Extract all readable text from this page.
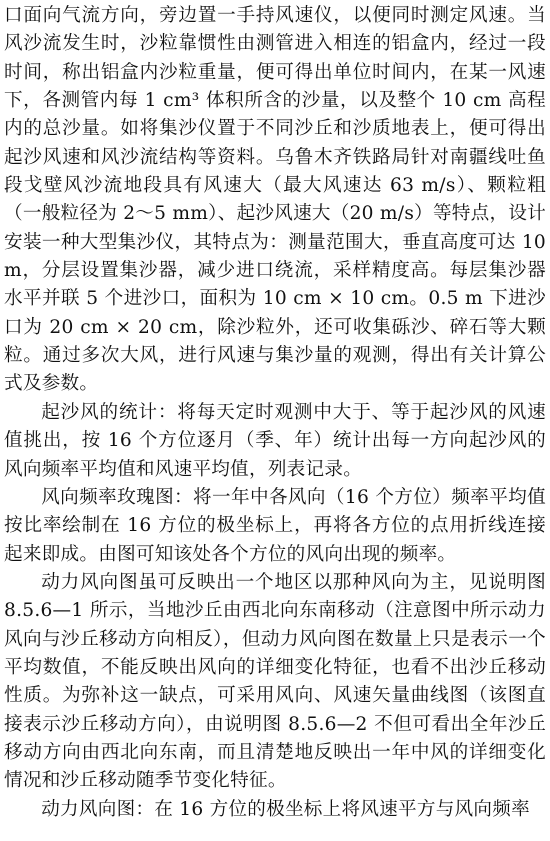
口面向气流方向，旁边置一手持风速仪，以便同时测定风速。当风沙流发生时，沙粒靠惯性由测管进入相连的铝盒内，经过一段时间，称出铝盒内沙粒重量，便可得出单位时间内，在某一风速下，各测管内每 1 cm³ 体积所含的沙量，以及整个 10 cm 高程内的总沙量。如将集沙仪置于不同沙丘和沙质地表上，便可得出起沙风速和风沙流结构等资料。乌鲁木齐铁路局针对南疆线吐鱼段戈壁风沙流地段具有风速大（最大风速达 63 m/s）、颗粒粗（一般粒径为 2～5 mm）、起沙风速大（20 m/s）等特点，设计安装一种大型集沙仪，其特点为：测量范围大，垂直高度可达 10 m，分层设置集沙器，减少进口绕流，采样精度高。每层集沙器水平并联 5 个进沙口，面积为 10 cm × 10 cm。0.5 m 下进沙口为 20 cm × 20 cm，除沙粒外，还可收集砾沙、碎石等大颗粒。通过多次大风，进行风速与集沙量的观测，得出有关计算公式及参数。

起沙风的统计：将每天定时观测中大于、等于起沙风的风速值挑出，按 16 个方位逐月（季、年）统计出每一方向起沙风的风向频率平均值和风速平均值，列表记录。

风向频率玫瑰图：将一年中各风向（16 个方位）频率平均值按比率绘制在 16 方位的极坐标上，再将各方位的点用折线连接起来即成。由图可知该处各个方位的风向出现的频率。

动力风向图虽可反映出一个地区以那种风向为主，见说明图 8.5.6—1 所示，当地沙丘由西北向东南移动（注意图中所示动力风向与沙丘移动方向相反），但动力风向图在数量上只是表示一个平均数值，不能反映出风向的详细变化特征，也看不出沙丘移动性质。为弥补这一缺点，可采用风向、风速矢量曲线图（该图直接表示沙丘移动方向），由说明图 8.5.6—2 不但可看出全年沙丘移动方向由西北向东南，而且清楚地反映出一年中风的详细变化情况和沙丘移动随季节变化特征。

动力风向图：在 16 方位的极坐标上将风速平方与风向频率
